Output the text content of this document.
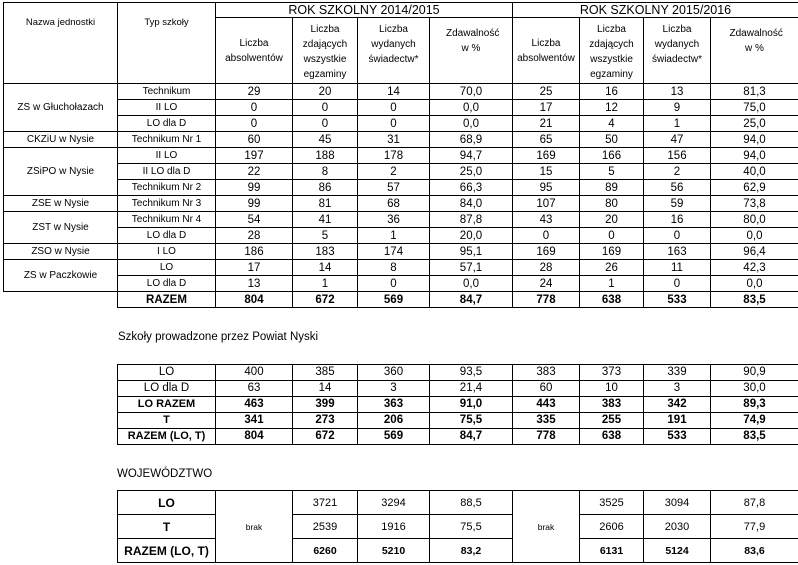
Nazwa jednostki	Typ szkoły	ROK SZKOLNY 2014/2015				ROK SZKOLNY 2015/2016			

		Liczba absolwentów	Liczba zdających wszystkie egzaminy	Liczba wydanych świadectw*	Zdawalność w %	Liczba absolwentów	Liczba zdających wszystkie egzaminy	Liczba wydanych świadectw*	Zdawalność w %

ZS w Głuchołazach	Technikum	29	20	14	70,0	25	16	13	81,3
	II LO	0	0	0	0,0	17	12	9	75,0
	LO dla D	0	0	0	0,0	21	4	1	25,0
CKZiU w Nysie	Technikum Nr 1	60	45	31	68,9	65	50	47	94,0
ZSiPO w Nysie	II LO	197	188	178	94,7	169	166	156	94,0
	II LO dla D	22	8	2	25,0	15	5	2	40,0
	Technikum Nr 2	99	86	57	66,3	95	89	56	62,9
ZSE w Nysie	Technikum Nr 3	99	81	68	84,0	107	80	59	73,8
ZST w Nysie	Technikum Nr 4	54	41	36	87,8	43	20	16	80,0
	LO dla D	28	5	1	20,0	0	0	0	0,0
ZSO w Nysie	I LO	186	183	174	95,1	169	169	163	96,4
ZS w Paczkowie	LO	17	14	8	57,1	28	26	11	42,3
	LO dla D	13	1	0	0,0	24	1	0	0,0
	RAZEM	804	672	569	84,7	778	638	533	83,5
Szkoły prowadzone przez Powiat Nyski
LO	400	385	360	93,5	383	373	339	90,9
LO dla D	63	14	3	21,4	60	10	3	30,0
LO RAZEM	463	399	363	91,0	443	383	342	89,3
T	341	273	206	75,5	335	255	191	74,9
RAZEM (LO, T)	804	672	569	84,7	778	638	533	83,5
WOJEWÓDZTWO
LO	brak	3721	3294	88,5	brak	3525	3094	87,8
T		2539	1916	75,5		2606	2030	77,9
RAZEM (LO, T)		6260	5210	83,2		6131	5124	83,6
